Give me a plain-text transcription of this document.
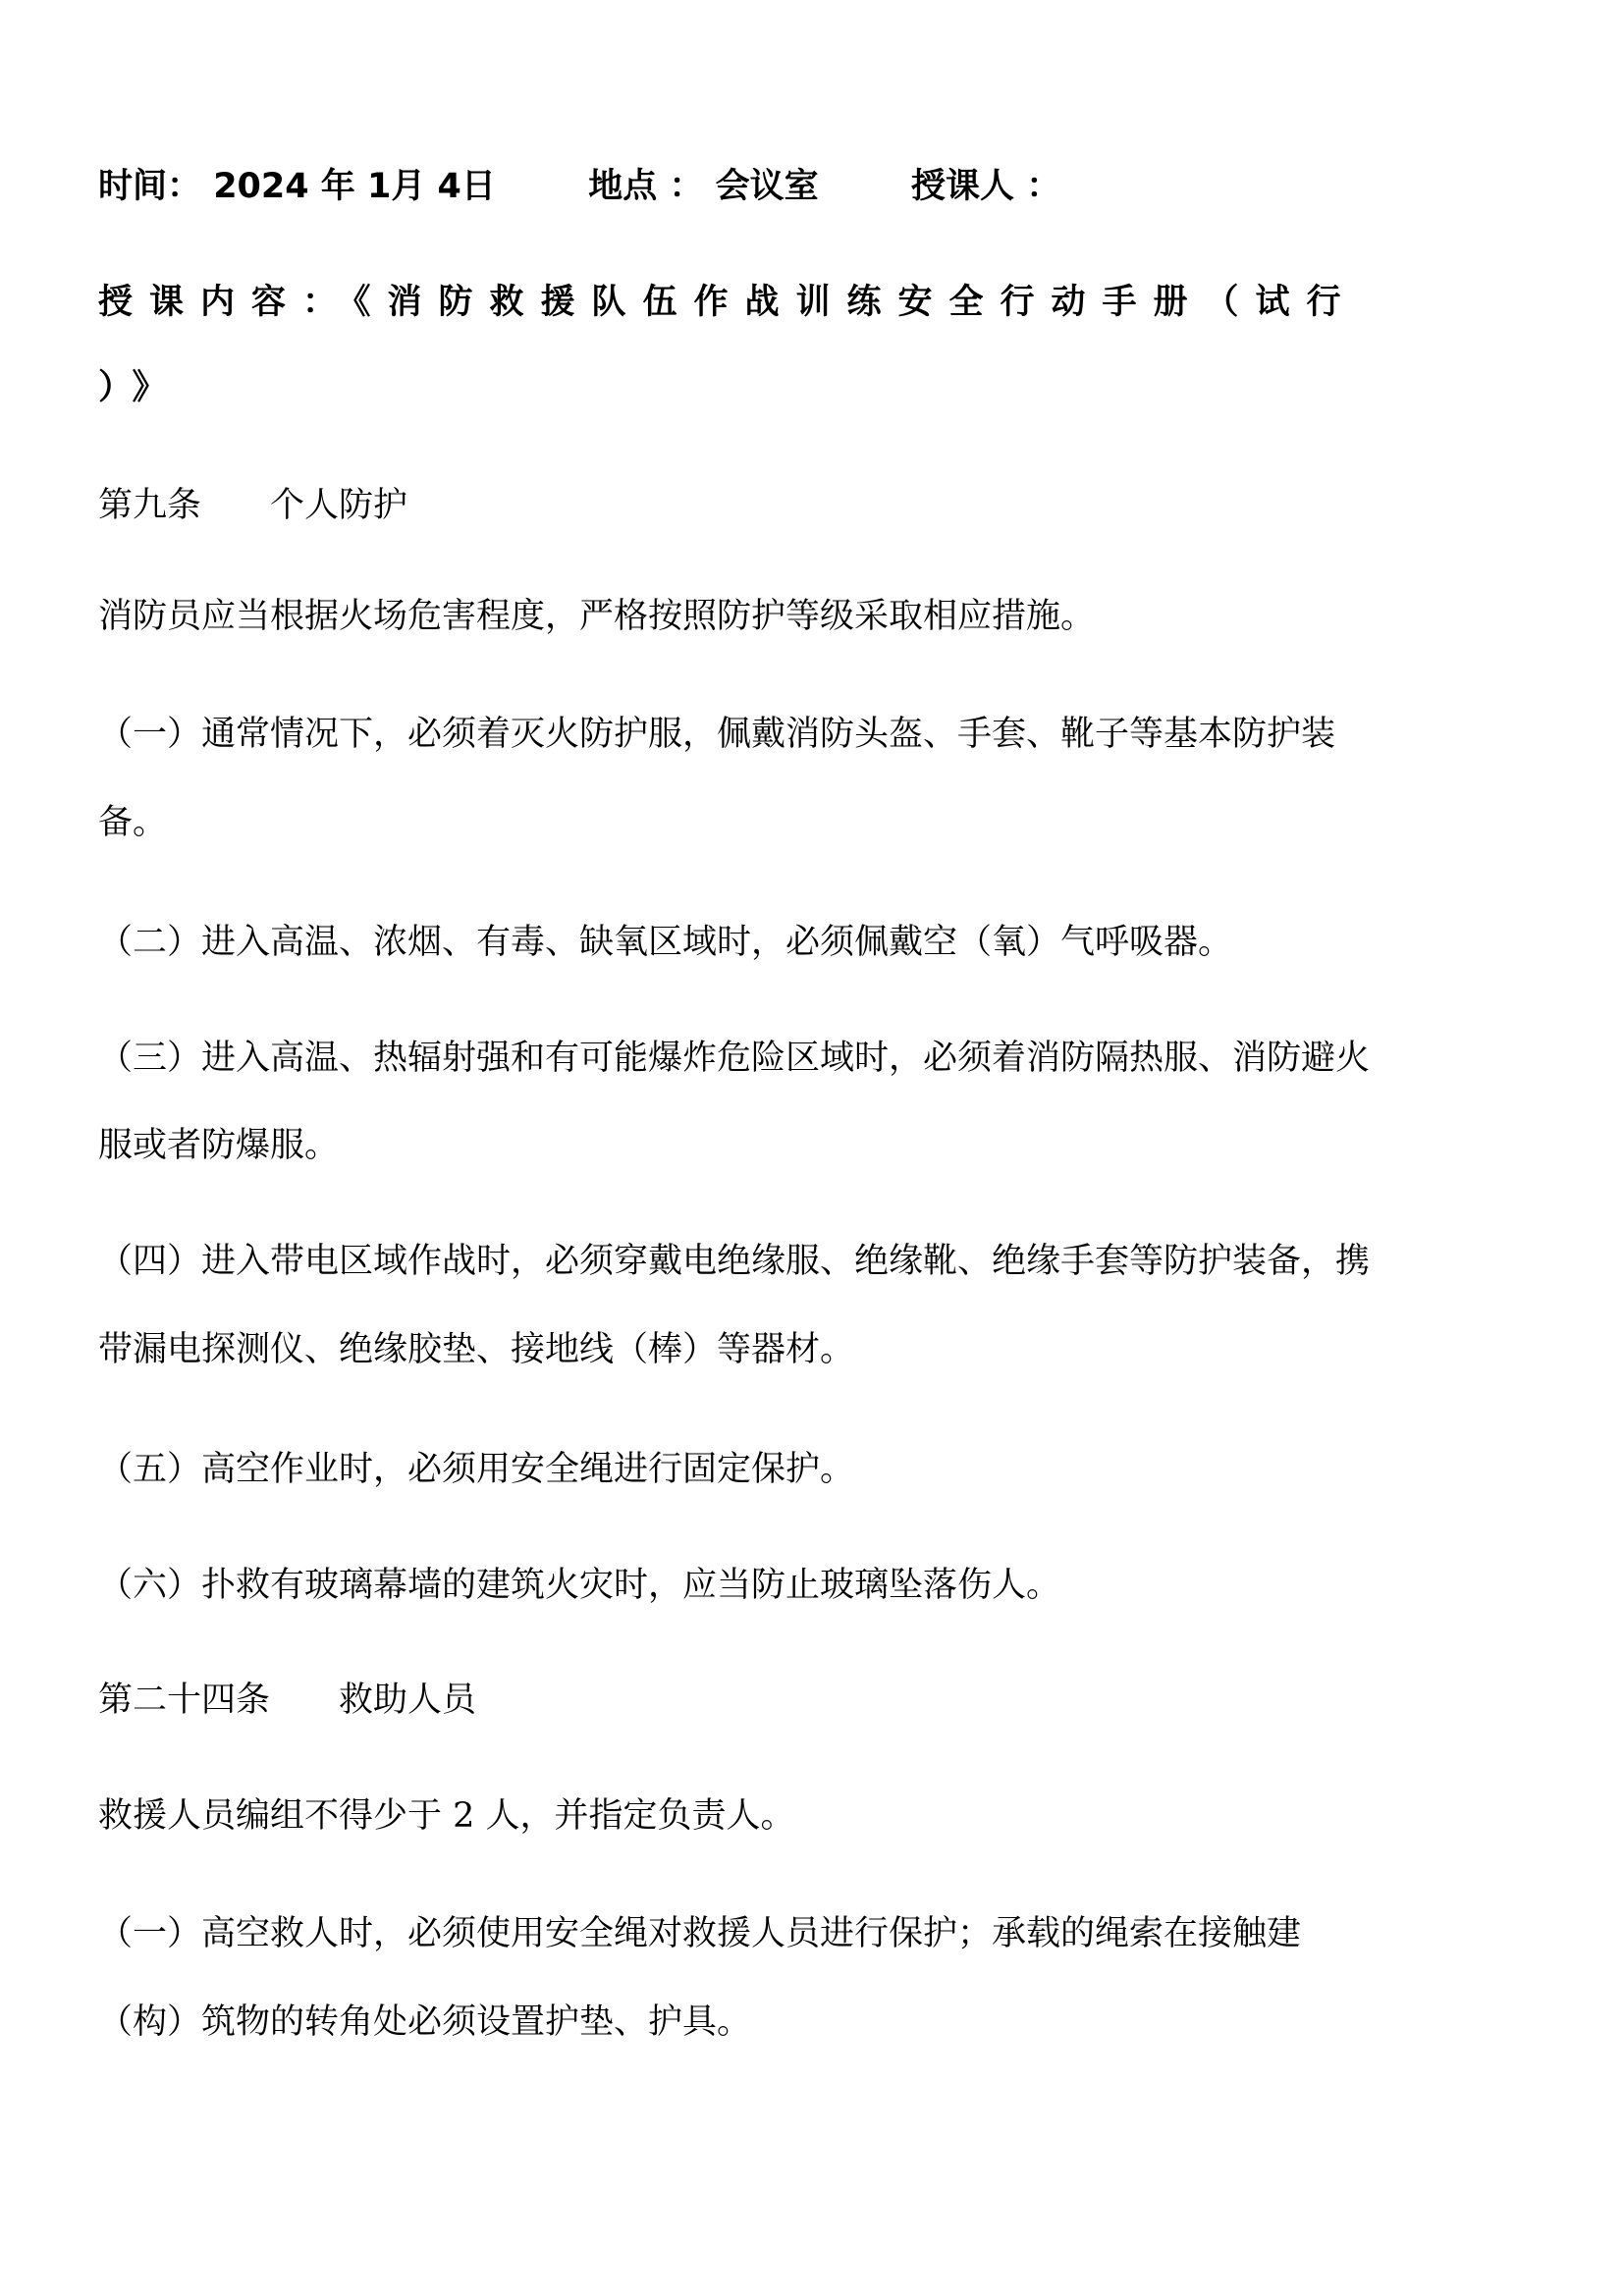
时间： 2024 年 1月 4日	地点 ： 会议室	授课人 ：
授课内容：《消防救援队伍作战训练安全行动手册（试行
）》
第九条　　个人防护
消防员应当根据火场危害程度，严格按照防护等级采取相应措施。
（一）通常情况下，必须着灭火防护服，佩戴消防头盔、手套、靴子等基本防护装
备。
（二）进入高温、浓烟、有毒、缺氧区域时，必须佩戴空（氧）气呼吸器。
（三）进入高温、热辐射强和有可能爆炸危险区域时，必须着消防隔热服、消防避火
服或者防爆服。
（四）进入带电区域作战时，必须穿戴电绝缘服、绝缘靴、绝缘手套等防护装备，携
带漏电探测仪、绝缘胶垫、接地线（棒）等器材。
（五）高空作业时，必须用安全绳进行固定保护。
（六）扑救有玻璃幕墙的建筑火灾时，应当防止玻璃坠落伤人。
第二十四条　　救助人员
救援人员编组不得少于 2 人，并指定负责人。
（一）高空救人时，必须使用安全绳对救援人员进行保护；承载的绳索在接触建
（构）筑物的转角处必须设置护垫、护具。
